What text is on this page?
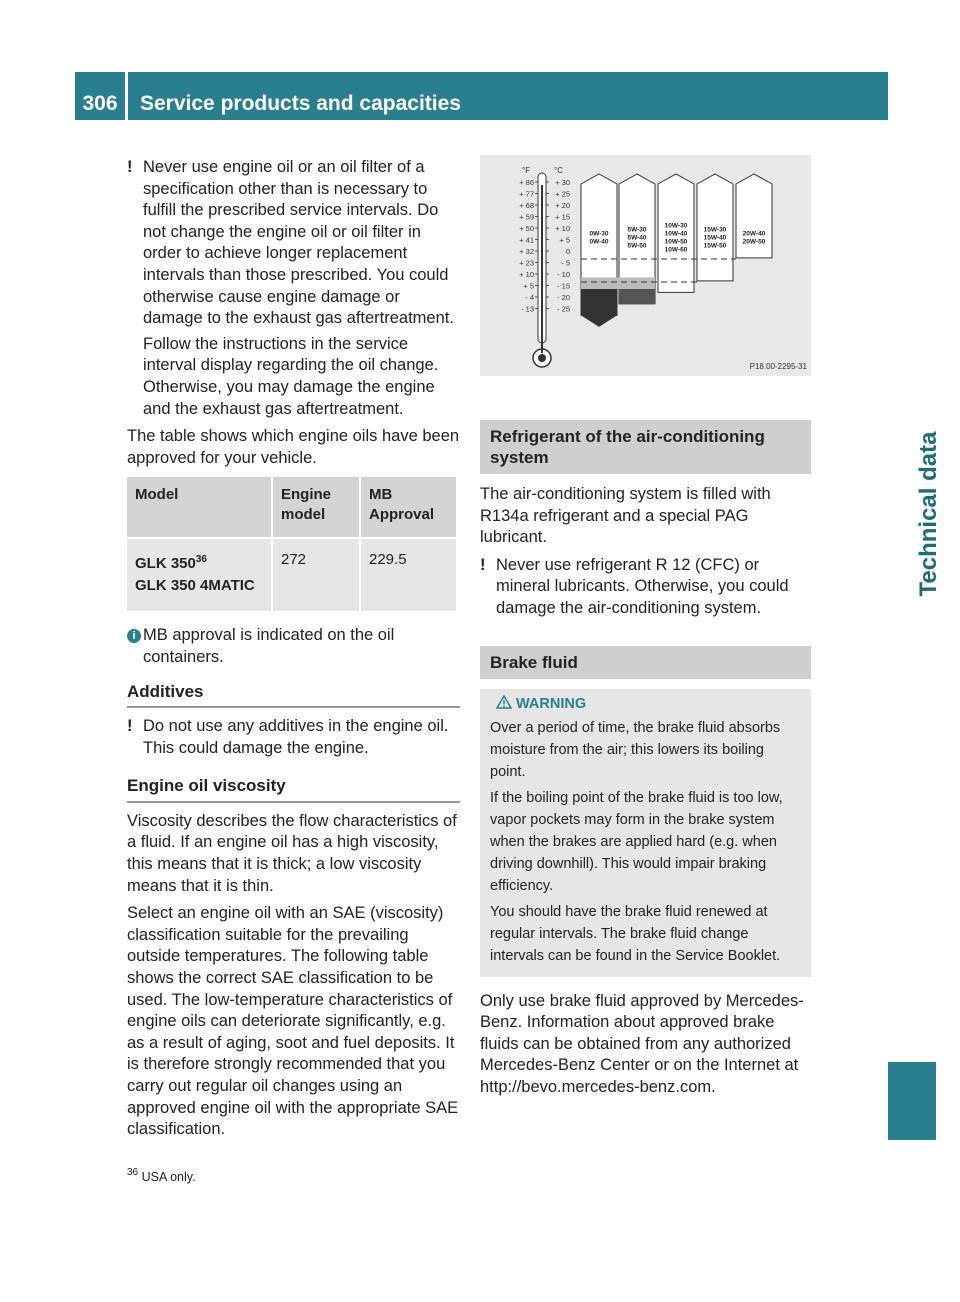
306	Service products and capacities
Technical data

! Never use engine oil or an oil filter of a specification other than is necessary to fulfill the prescribed service intervals. Do not change the engine oil or oil filter in order to achieve longer replacement intervals than those prescribed. You could otherwise cause engine damage or damage to the exhaust gas aftertreatment.

Follow the instructions in the service interval display regarding the oil change. Otherwise, you may damage the engine and the exhaust gas aftertreatment.

The table shows which engine oils have been approved for your vehicle.

Model	Engine model	MB Approval

GLK $350^{36}$
GLK 350 4MATIC	272	229.5

i MB approval is indicated on the oil containers.

Additives

! Do not use any additives in the engine oil. This could damage the engine.

Engine oil viscosity

Viscosity describes the flow characteristics of a fluid. If an engine oil has a high viscosity, this means that it is thick; a low viscosity means that it is thin.

Select an engine oil with an SAE (viscosity) classification suitable for the prevailing outside temperatures. The following table shows the correct SAE classification to be used. The low-temperature characteristics of engine oils can deteriorate significantly, e.g. as a result of aging, soot and fuel deposits. It is therefore strongly recommended that you carry out regular oil changes using an approved engine oil with the appropriate SAE classification.

°F	°C
+ 86
+ 77
+ 68
+ 59
+ 50
+ 41
+ 32
+ 23
+ 10
+ 5
- 4
- 13
+ 30
+ 25
+ 20
+ 15
+ 10
+ 5
0
- 5
- 10
- 15
- 20
- 25
0W-30
0W-40
5W-30
5W-40
5W-50
10W-30
10W-40
10W-50
10W-60
15W-30
15W-40
15W-50
20W-40
20W-50
P18.00-2295-31
Refrigerant of the air-conditioning system

The air-conditioning system is filled with R134a refrigerant and a special PAG lubricant.

! Never use refrigerant R 12 (CFC) or mineral lubricants. Otherwise, you could damage the air-conditioning system.

Brake fluid
WARNING

Over a period of time, the brake fluid absorbs moisture from the air; this lowers its boiling point.

If the boiling point of the brake fluid is too low, vapor pockets may form in the brake system when the brakes are applied hard (e.g. when driving downhill). This would impair braking efficiency.

You should have the brake fluid renewed at regular intervals. The brake fluid change intervals can be found in the Service Booklet.

Only use brake fluid approved by Mercedes-Benz. Information about approved brake fluids can be obtained from any authorized Mercedes-Benz Center or on the Internet at http://bevo.mercedes-benz.com.

$^{36}$ USA only.
